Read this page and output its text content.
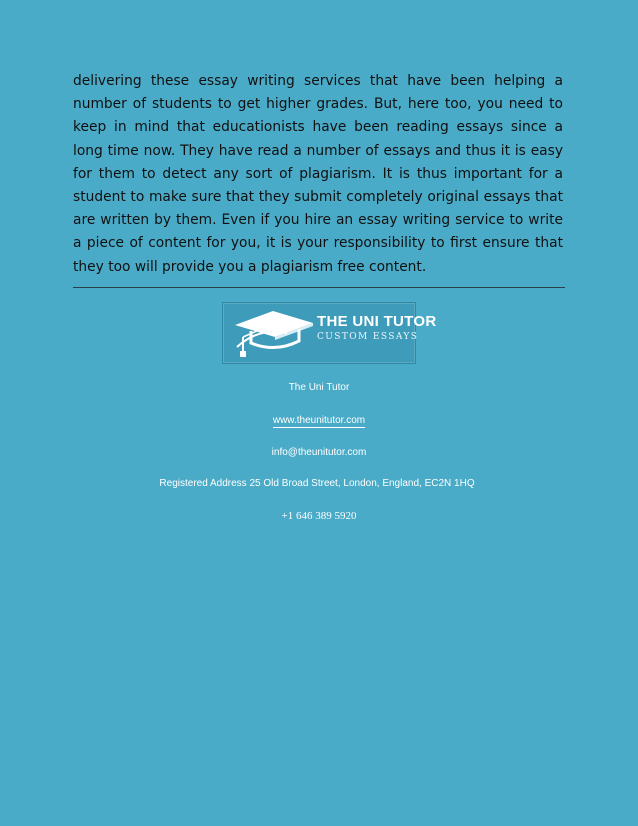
delivering these essay writing services that have been helping a number of students to get higher grades. But, here too, you need to keep in mind that educationists have been reading essays since a long time now. They have read a number of essays and thus it is easy for them to detect any sort of plagiarism. It is thus important for a student to make sure that they submit completely original essays that are written by them. Even if you hire an essay writing service to write a piece of content for you, it is your responsibility to first ensure that they too will provide you a plagiarism free content.

THE UNI TUTOR
CUSTOM ESSAYS
The Uni Tutor
www.theunitutor.com
info@theunitutor.com
Registered Address 25 Old Broad Street, London, England, EC2N 1HQ
+1 646 389 5920
